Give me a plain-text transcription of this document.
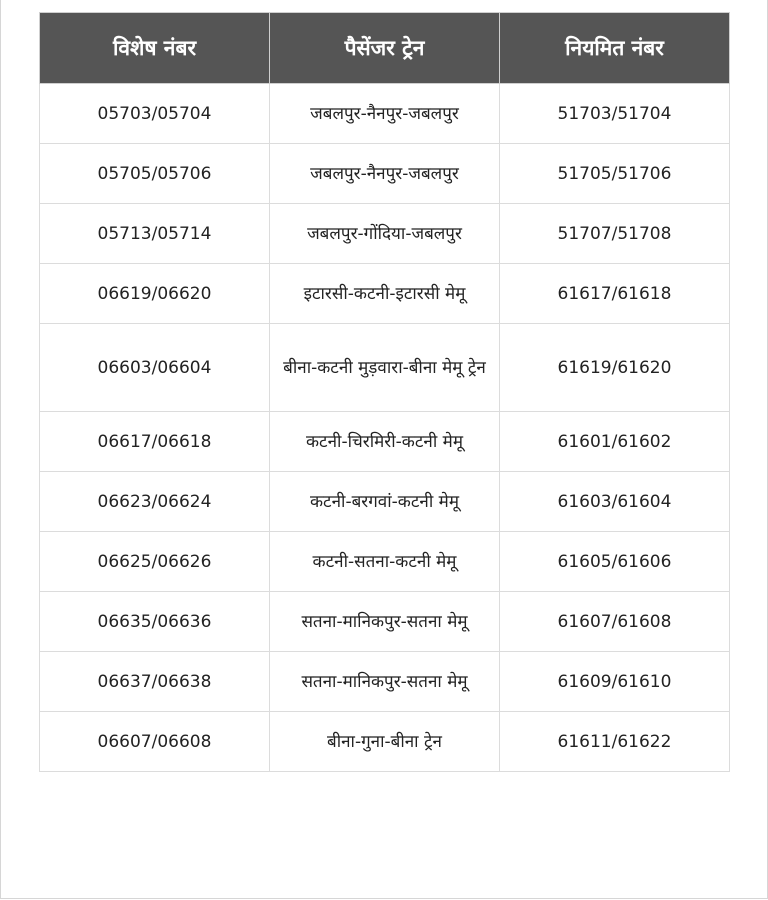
विशेष नंबर	पैसेंजर ट्रेन	नियमित नंबर
05703/05704	जबलपुर-नैनपुर-जबलपुर	51703/51704
05705/05706	जबलपुर-नैनपुर-जबलपुर	51705/51706
05713/05714	जबलपुर-गोंदिया-जबलपुर	51707/51708
06619/06620	इटारसी-कटनी-इटारसी मेमू	61617/61618
06603/06604	बीना-कटनी मुड़वारा-बीना मेमू ट्रेन	61619/61620
06617/06618	कटनी-चिरमिरी-कटनी मेमू	61601/61602
06623/06624	कटनी-बरगवां-कटनी मेमू	61603/61604
06625/06626	कटनी-सतना-कटनी मेमू	61605/61606
06635/06636	सतना-मानिकपुर-सतना मेमू	61607/61608
06637/06638	सतना-मानिकपुर-सतना मेमू	61609/61610
06607/06608	बीना-गुना-बीना ट्रेन	61611/61622
